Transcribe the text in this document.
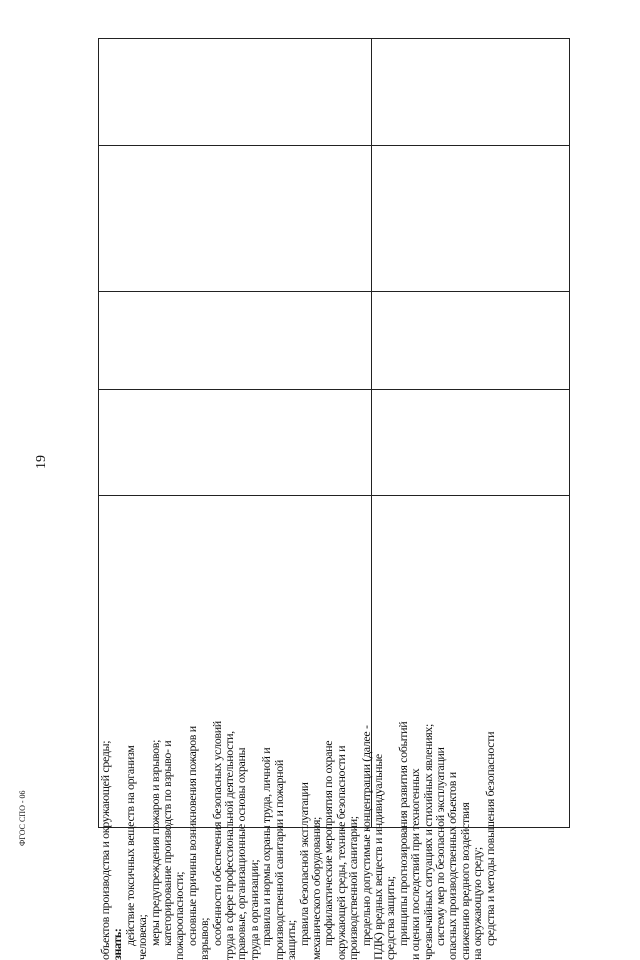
19
ФГОС СПО - 06	объектов производства и окружающей среды;
знать:
действие токсичных веществ на организм
человека;
меры предупреждения пожаров и взрывов;
категорирование производств по взрыво- и
пожароопасности;
основные причины возникновения пожаров и
взрывов;
особенности обеспечения безопасных условий
труда в сфере профессиональной деятельности,
правовые, организационные основы охраны
труда в организации;
правила и нормы охраны труда, личной и
производственной санитарии и пожарной
защиты;
правила безопасной эксплуатации
механического оборудования;
профилактические мероприятия по охране
окружающей среды, технике безопасности и
производственной санитарии;
предельно допустимые концентрации (далее -
ПДК) вредных веществ и индивидуальные
средства защиты;
принципы прогнозирования развития событий
и оценки последствий при техногенных
чрезвычайных ситуациях и стихийных явлениях;
систему мер по безопасной эксплуатации
опасных производственных объектов и
снижению вредного воздействия
на окружающую среду;
средства и методы повышения безопасности
